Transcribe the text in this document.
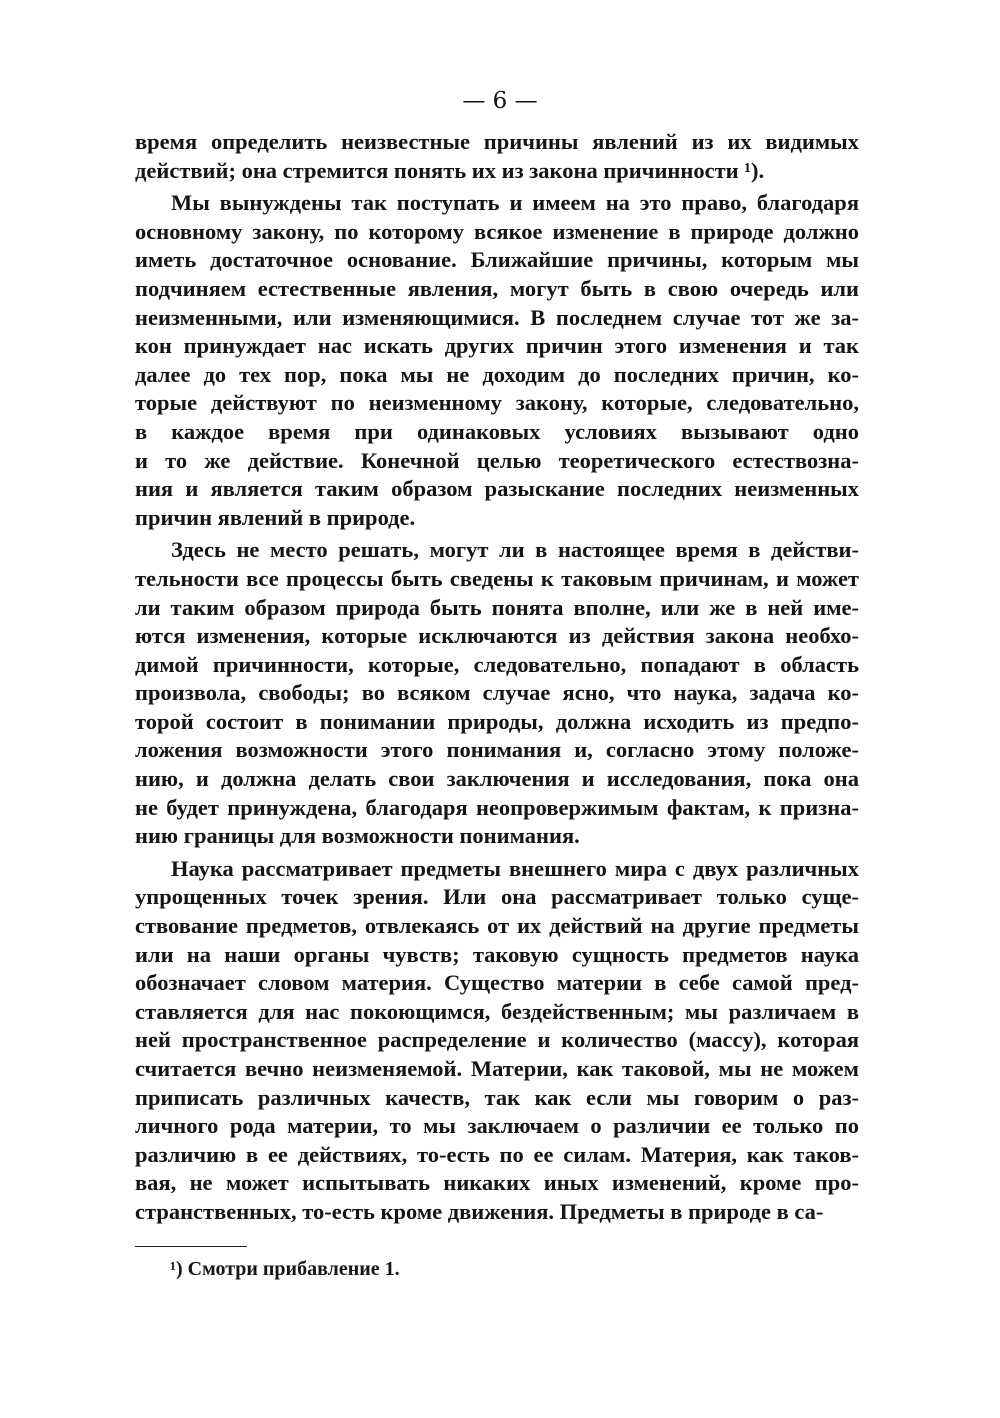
— 6 —
время определить неизвестные причины явлений из их видимых
действий; она стремится понять их из закона причинности ¹).
Мы вынуждены так поступать и имеем на это право, благодаря
основному закону, по которому всякое изменение в природе должно
иметь достаточное основание. Ближайшие причины, которым мы
подчиняем естественные явления, могут быть в свою очередь или
неизменными, или изменяющимися. В последнем случае тот же за-
кон принуждает нас искать других причин этого изменения и так
далее до тех пор, пока мы не доходим до последних причин, ко-
торые действуют по неизменному закону, которые, следовательно,
в каждое время при одинаковых условиях вызывают одно
и то же действие. Конечной целью теоретического естествозна-
ния и является таким образом разыскание последних неизменных
причин явлений в природе.
Здесь не место решать, могут ли в настоящее время в действи-
тельности все процессы быть сведены к таковым причинам, и может
ли таким образом природа быть понята вполне, или же в ней име-
ются изменения, которые исключаются из действия закона необхо-
димой причинности, которые, следовательно, попадают в область
произвола, свободы; во всяком случае ясно, что наука, задача ко-
торой состоит в понимании природы, должна исходить из предпо-
ложения возможности этого понимания и, согласно этому положе-
нию, и должна делать свои заключения и исследования, пока она
не будет принуждена, благодаря неопровержимым фактам, к призна-
нию границы для возможности понимания.
Наука рассматривает предметы внешнего мира с двух различных
упрощенных точек зрения. Или она рассматривает только суще-
ствование предметов, отвлекаясь от их действий на другие предметы
или на наши органы чувств; таковую сущность предметов наука
обозначает словом материя. Существо материи в себе самой пред-
ставляется для нас покоющимся, бездейственным; мы различаем в
ней пространственное распределение и количество (массу), которая
считается вечно неизменяемой. Материи, как таковой, мы не можем
приписать различных качеств, так как если мы говорим о раз-
личного рода материи, то мы заключаем о различии ее только по
различию в ее действиях, то-есть по ее силам. Материя, как таков-
вая, не может испытывать никаких иных изменений, кроме про-
странственных, то-есть кроме движения. Предметы в природе в са-
¹) Смотри прибавление 1.
